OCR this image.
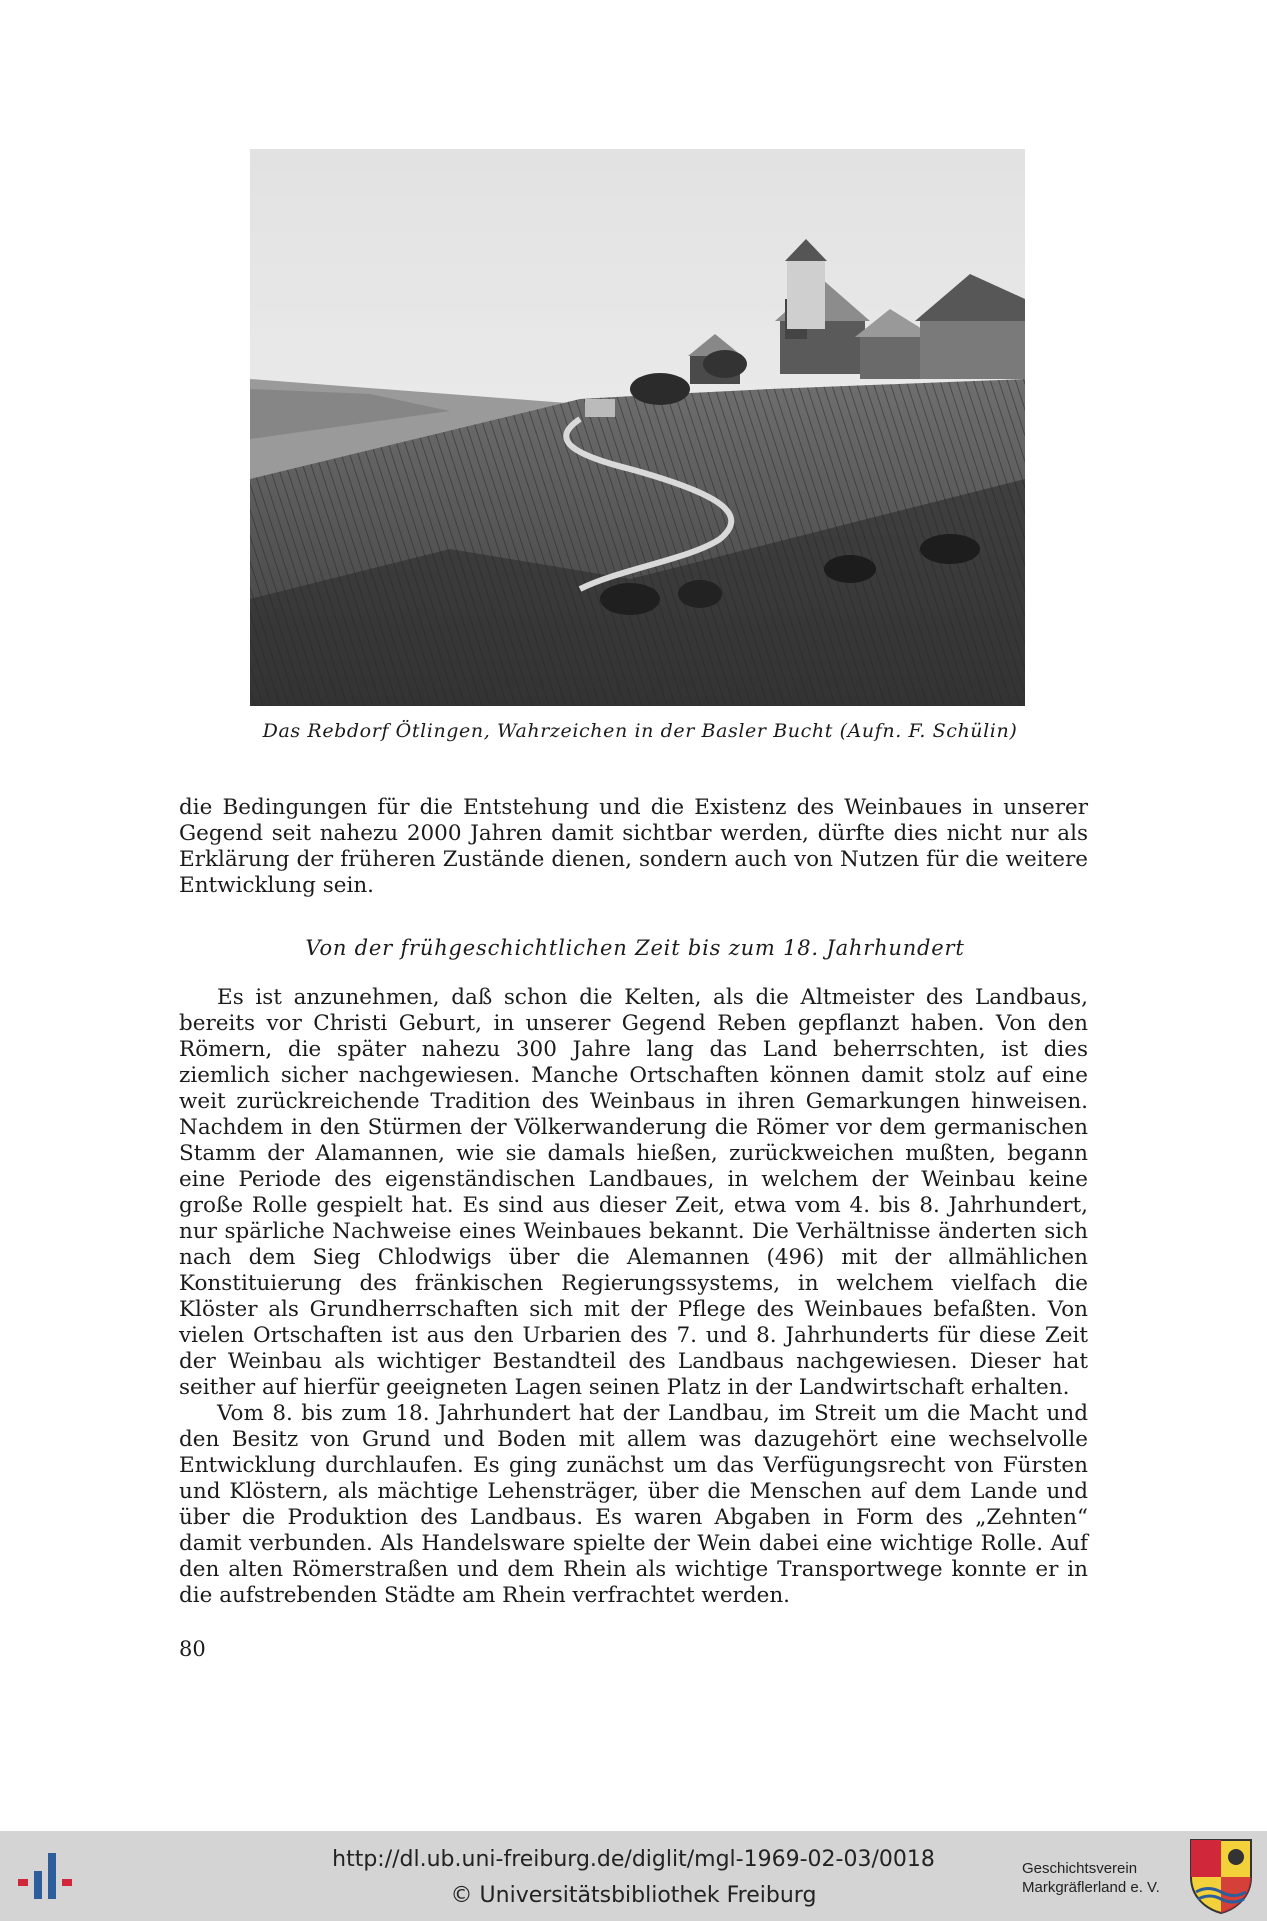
Das Rebdorf Ötlingen, Wahrzeichen in der Basler Bucht (Aufn. F. Schülin)
die Bedingungen für die Entstehung und die Existenz des Weinbaues in unserer Gegend seit nahezu 2000 Jahren damit sichtbar werden, dürfte dies nicht nur als Erklärung der früheren Zustände dienen, sondern auch von Nutzen für die weitere Entwicklung sein.
Von der frühgeschichtlichen Zeit bis zum 18. Jahrhundert

Es ist anzunehmen, daß schon die Kelten, als die Altmeister des Landbaus, bereits vor Christi Geburt, in unserer Gegend Reben gepflanzt haben. Von den Römern, die später nahezu 300 Jahre lang das Land beherrschten, ist dies ziemlich sicher nachgewiesen. Manche Ortschaften können damit stolz auf eine weit zurückreichende Tradition des Weinbaus in ihren Gemarkungen hinweisen. Nachdem in den Stürmen der Völkerwanderung die Römer vor dem germanischen Stamm der Alamannen, wie sie damals hießen, zurückweichen mußten, begann eine Periode des eigenständischen Landbaues, in welchem der Weinbau keine große Rolle gespielt hat. Es sind aus dieser Zeit, etwa vom 4. bis 8. Jahrhundert, nur spärliche Nachweise eines Weinbaues bekannt. Die Verhältnisse änderten sich nach dem Sieg Chlodwigs über die Alemannen (496) mit der allmählichen Konstituierung des fränkischen Regierungssystems, in welchem vielfach die Klöster als Grundherrschaften sich mit der Pflege des Weinbaues befaßten. Von vielen Ortschaften ist aus den Urbarien des 7. und 8. Jahrhunderts für diese Zeit der Weinbau als wichtiger Bestandteil des Landbaus nachgewiesen. Dieser hat seither auf hierfür geeigneten Lagen seinen Platz in der Landwirtschaft erhalten.

Vom 8. bis zum 18. Jahrhundert hat der Landbau, im Streit um die Macht und den Besitz von Grund und Boden mit allem was dazugehört eine wechselvolle Entwicklung durchlaufen. Es ging zunächst um das Verfügungsrecht von Fürsten und Klöstern, als mächtige Lehensträger, über die Menschen auf dem Lande und über die Produktion des Landbaus. Es waren Abgaben in Form des „Zehnten“ damit verbunden. Als Handelsware spielte der Wein dabei eine wichtige Rolle. Auf den alten Römerstraßen und dem Rhein als wichtige Transportwege konnte er in die aufstrebenden Städte am Rhein verfrachtet werden.

80
http://dl.ub.uni-freiburg.de/diglit/mgl-1969-02-03/0018
© Universitätsbibliothek Freiburg
Geschichtsverein
Markgräflerland e. V.
